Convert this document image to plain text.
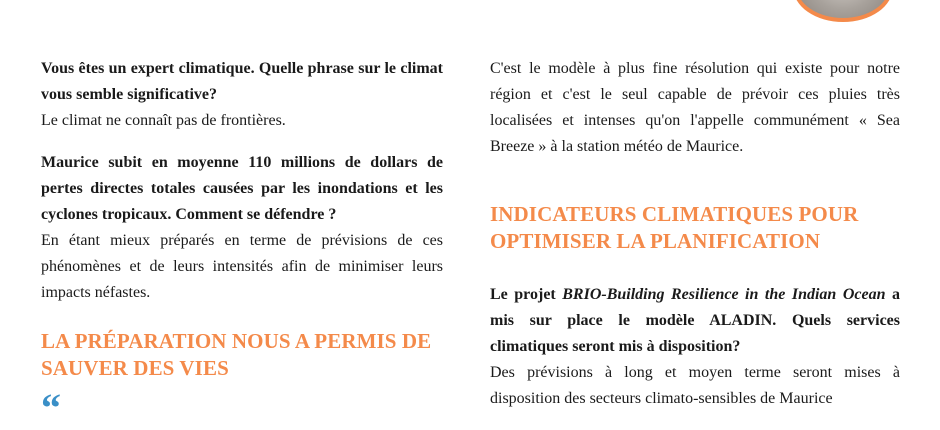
Vous êtes un expert climatique. Quelle phrase sur le climat vous semble significative?

Le climat ne connaît pas de frontières.

Maurice subit en moyenne 110 millions de dollars de pertes directes totales causées par les inondations et les cyclones tropicaux. Comment se défendre ?

En étant mieux préparés en terme de prévisions de ces phénomènes et de leurs intensités afin de minimiser leurs impacts néfastes.

LA PRÉPARATION NOUS A PERMIS DE SAUVER DES VIES
“

C'est le modèle à plus fine résolution qui existe pour notre région et c'est le seul capable de prévoir ces pluies très localisées et intenses qu'on l'appelle communément « Sea Breeze » à la station météo de Maurice.

INDICATEURS CLIMATIQUES POUR OPTIMISER LA PLANIFICATION

Le projet BRIO-Building Resilience in the Indian Ocean a mis sur place le modèle ALADIN. Quels services climatiques seront mis à disposition?

Des prévisions à long et moyen terme seront mises à disposition des secteurs climato-sensibles de Maurice
